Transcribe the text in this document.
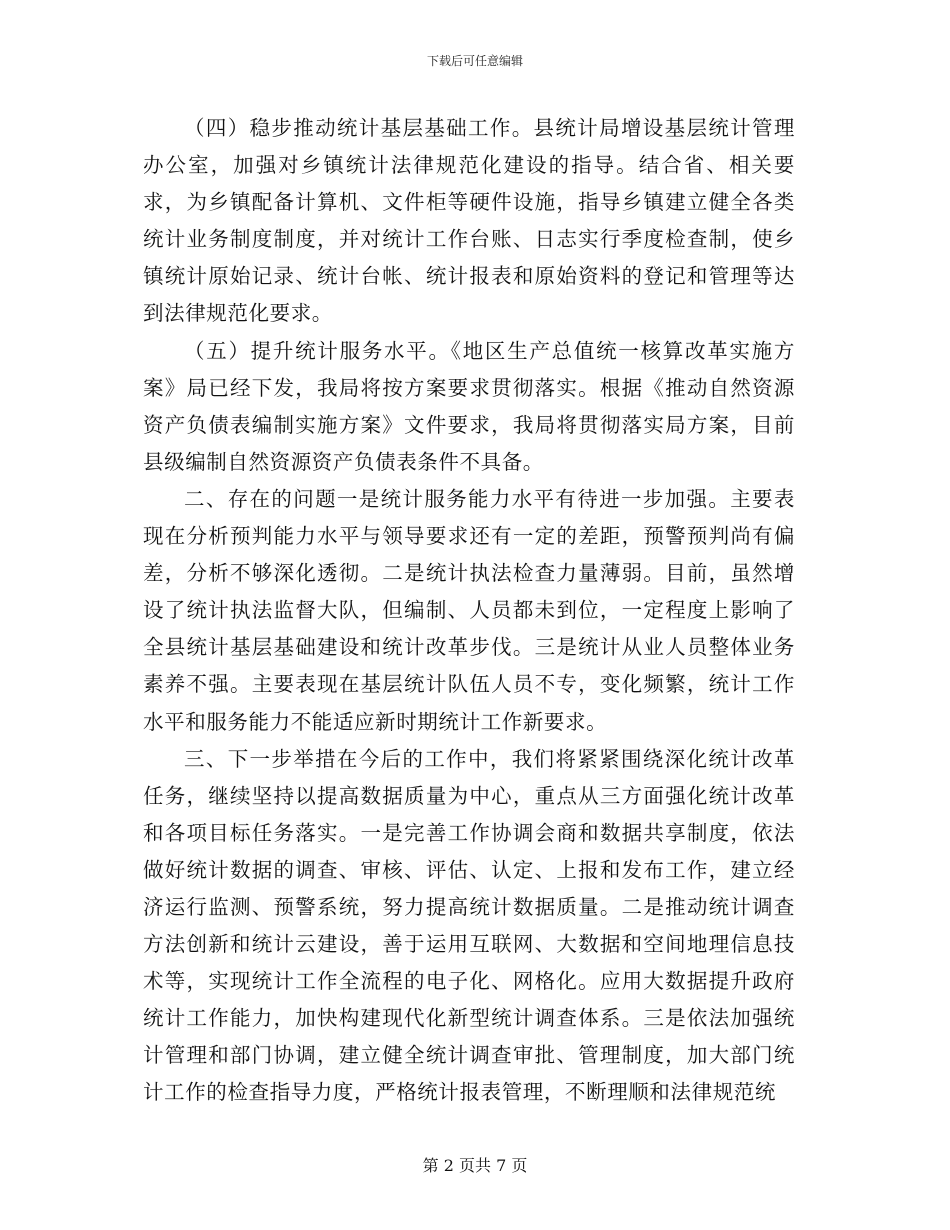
下载后可任意编辑

（四）稳步推动统计基层基础工作。县统计局增设基层统计管理办公室，加强对乡镇统计法律规范化建设的指导。结合省、相关要求，为乡镇配备计算机、文件柜等硬件设施，指导乡镇建立健全各类统计业务制度制度，并对统计工作台账、日志实行季度检查制，使乡镇统计原始记录、统计台帐、统计报表和原始资料的登记和管理等达到法律规范化要求。

（五）提升统计服务水平。《地区生产总值统一核算改革实施方案》局已经下发，我局将按方案要求贯彻落实。根据《推动自然资源资产负债表编制实施方案》文件要求，我局将贯彻落实局方案，目前县级编制自然资源资产负债表条件不具备。

二、存在的问题一是统计服务能力水平有待进一步加强。主要表现在分析预判能力水平与领导要求还有一定的差距，预警预判尚有偏差，分析不够深化透彻。二是统计执法检查力量薄弱。目前，虽然增设了统计执法监督大队，但编制、人员都未到位，一定程度上影响了全县统计基层基础建设和统计改革步伐。三是统计从业人员整体业务素养不强。主要表现在基层统计队伍人员不专，变化频繁，统计工作水平和服务能力不能适应新时期统计工作新要求。

三、下一步举措在今后的工作中，我们将紧紧围绕深化统计改革任务，继续坚持以提高数据质量为中心，重点从三方面强化统计改革和各项目标任务落实。一是完善工作协调会商和数据共享制度，依法做好统计数据的调查、审核、评估、认定、上报和发布工作，建立经济运行监测、预警系统，努力提高统计数据质量。二是推动统计调查方法创新和统计云建设，善于运用互联网、大数据和空间地理信息技术等，实现统计工作全流程的电子化、网格化。应用大数据提升政府统计工作能力，加快构建现代化新型统计调查体系。三是依法加强统计管理和部门协调，建立健全统计调查审批、管理制度，加大部门统计工作的检查指导力度，严格统计报表管理，不断理顺和法律规范统

第 2 页共 7 页
